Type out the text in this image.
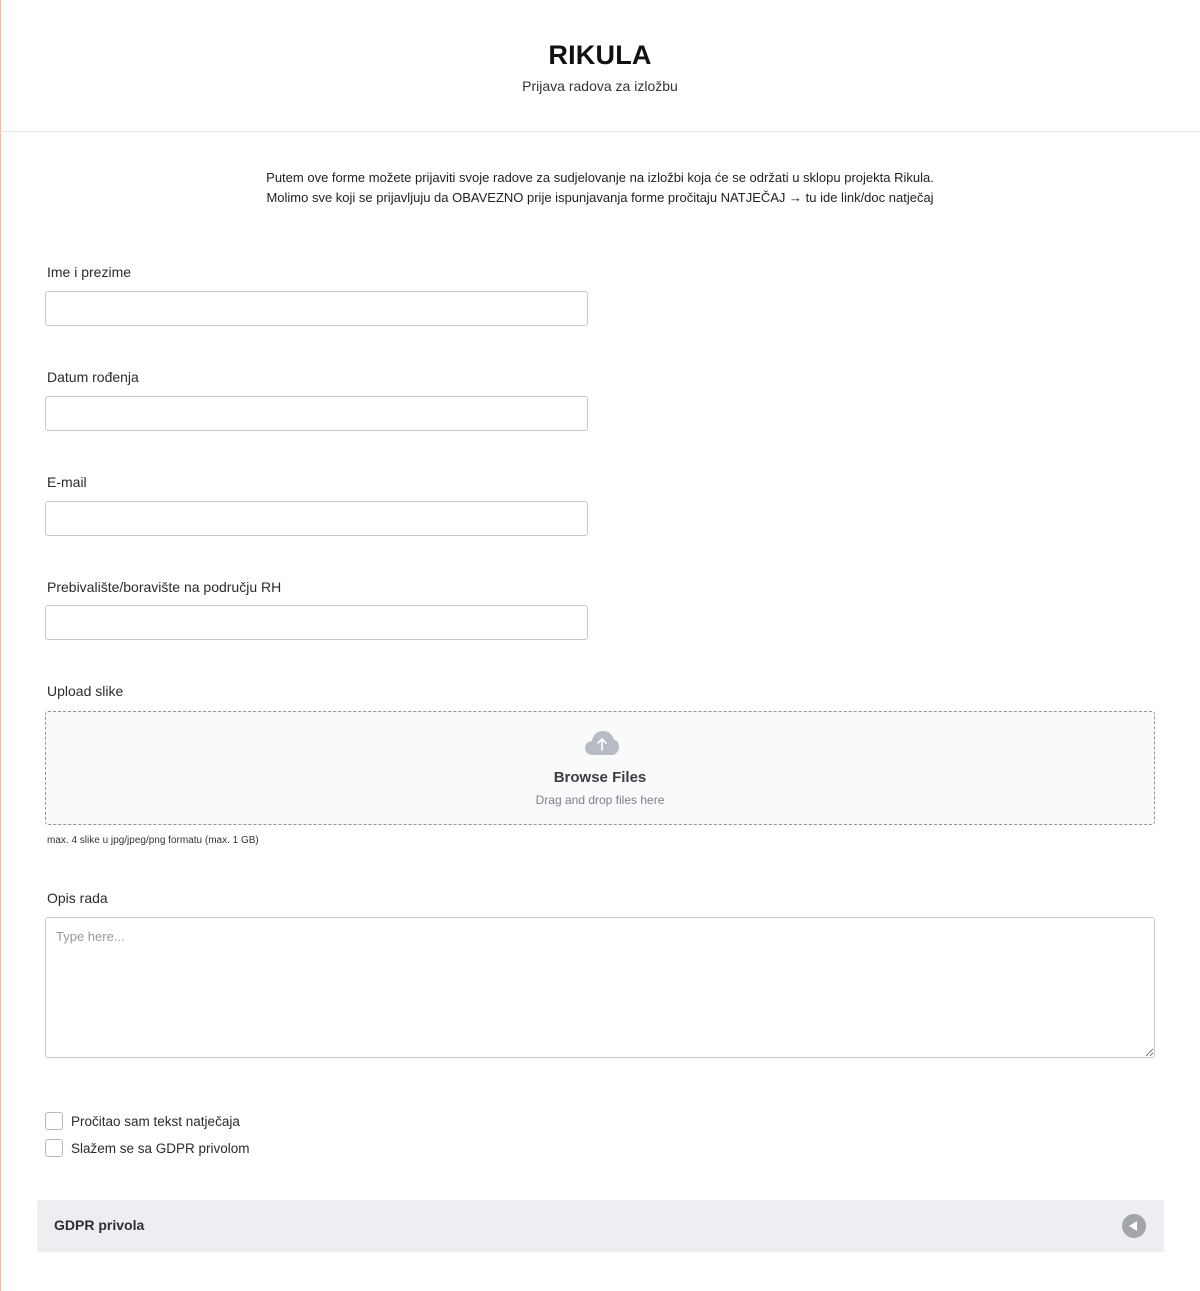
RIKULA
Prijava radova za izložbu
Putem ove forme možete prijaviti svoje radove za sudjelovanje na izložbi koja će se održati u sklopu projekta Rikula.
Molimo sve koji se prijavljuju da OBAVEZNO prije ispunjavanja forme pročitaju NATJEČAJ → tu ide link/doc natječaj
Ime i prezime
Datum rođenja
E-mail
Prebivalište/boravište na području RH
Upload slike
Browse Files
Drag and drop files here
max. 4 slike u jpg/jpeg/png formatu (max. 1 GB)
Opis rada
Type here...
Pročitao sam tekst natječaja
Slažem se sa GDPR privolom
GDPR privola
